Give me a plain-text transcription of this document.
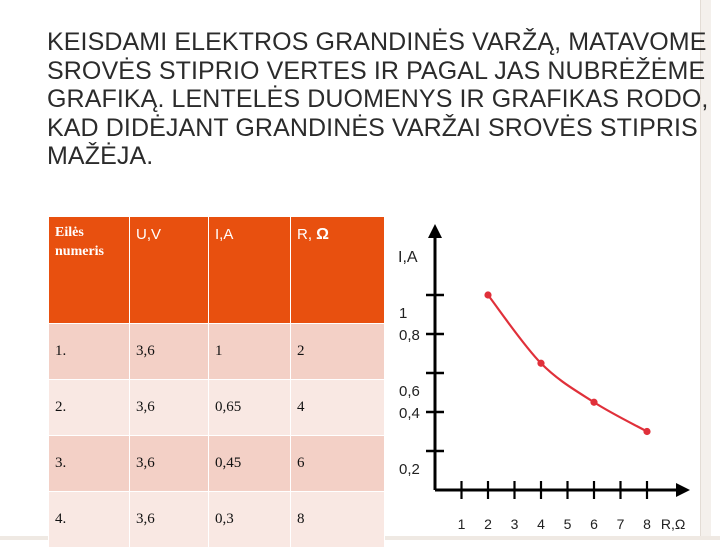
KEISDAMI ELEKTROS GRANDINĖS VARŽĄ, MATAVOME SROVĖS STIPRIO VERTES IR PAGAL JAS NUBRĖŽĖME GRAFIKĄ. LENTELĖS DUOMENYS IR GRAFIKAS RODO, KAD DIDĖJANT GRANDINĖS VARŽAI SROVĖS STIPRIS MAŽĖJA.
Eilės
numeris	U,V	I,A	R, Ω
1.	3,6	1	2
2.	3,6	0,65	4
3.	3,6	0,45	6
4.	3,6	0,3	8
0,2
0,4
0,6
0,8
1
1 2 3 4 5 6 7 8
I,A
R,Ω
